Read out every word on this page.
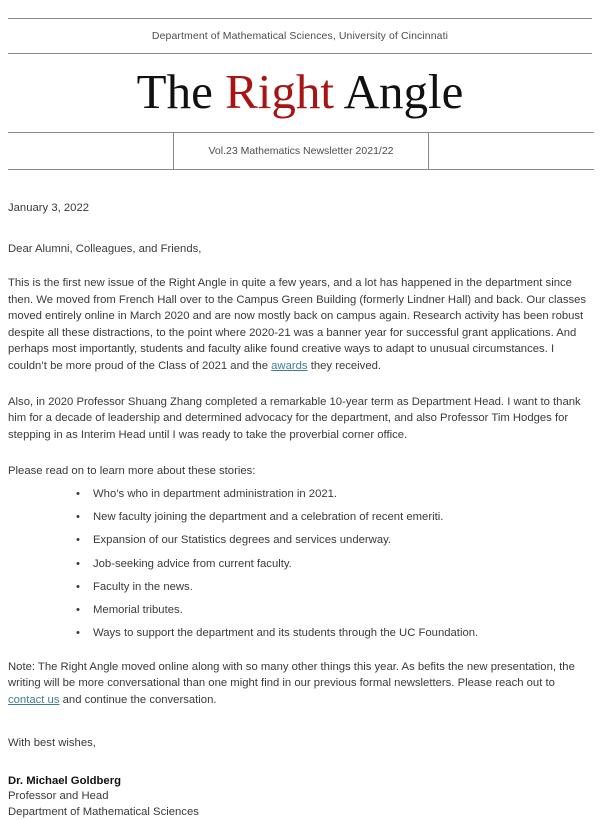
Department of Mathematical Sciences, University of Cincinnati
The Right Angle
	Vol.23 Mathematics Newsletter 2021/22	
January 3, 2022
Dear Alumni, Colleagues, and Friends,

This is the first new issue of the Right Angle in quite a few years, and a lot has happened in the department since then. We moved from French Hall over to the Campus Green Building (formerly Lindner Hall) and back. Our classes moved entirely online in March 2020 and are now mostly back on campus again. Research activity has been robust despite all these distractions, to the point where 2020-21 was a banner year for successful grant applications. And perhaps most importantly, students and faculty alike found creative ways to adapt to unusual circumstances. I couldn’t be more proud of the Class of 2021 and the awards they received.

Also, in 2020 Professor Shuang Zhang completed a remarkable 10-year term as Department Head. I want to thank him for a decade of leadership and determined advocacy for the department, and also Professor Tim Hodges for stepping in as Interim Head until I was ready to take the proverbial corner office.

Please read on to learn more about these stories:
• Who’s who in department administration in 2021.
• New faculty joining the department and a celebration of recent emeriti.
• Expansion of our Statistics degrees and services underway.
• Job-seeking advice from current faculty.
• Faculty in the news.
• Memorial tributes.
• Ways to support the department and its students through the UC Foundation.

Note: The Right Angle moved online along with so many other things this year. As befits the new presentation, the writing will be more conversational than one might find in our previous formal newsletters. Please reach out to contact us and continue the conversation.

With best wishes,
Dr. Michael Goldberg
Professor and Head
Department of Mathematical Sciences
